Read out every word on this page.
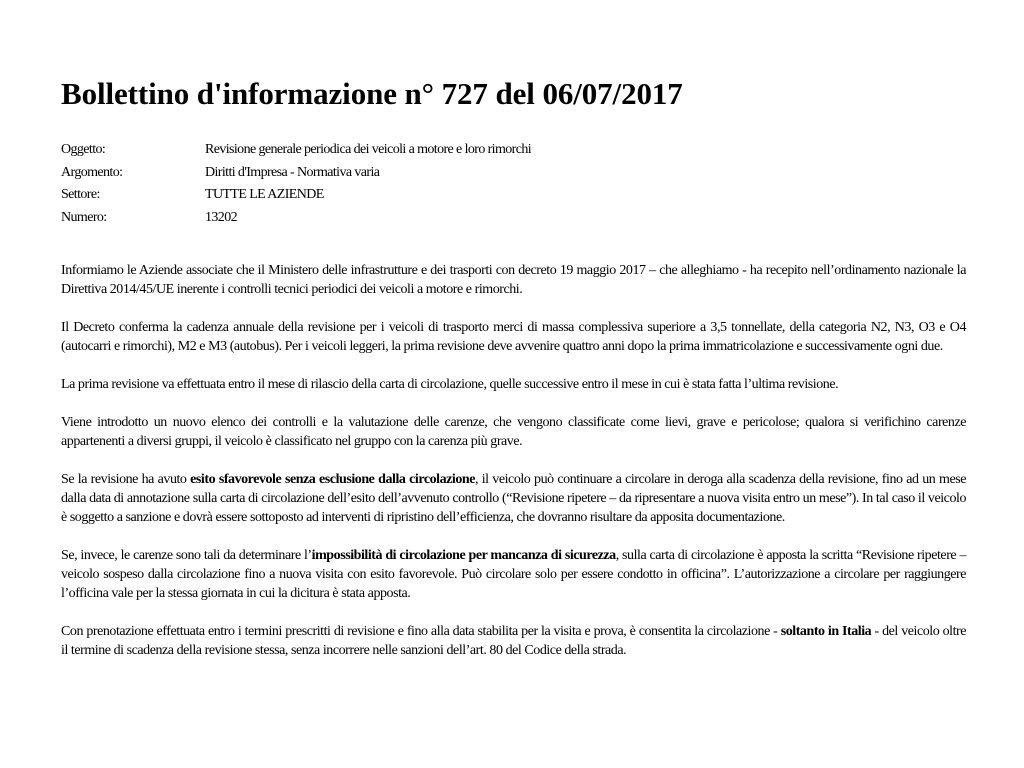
Bollettino d'informazione n° 727 del 06/07/2017
Oggetto:	Revisione generale periodica dei veicoli a motore e loro rimorchi
Argomento:	Diritti d'Impresa - Normativa varia
Settore:	TUTTE LE AZIENDE
Numero:	13202

Informiamo le Aziende associate che il Ministero delle infrastrutture e dei trasporti con decreto 19 maggio 2017 – che alleghiamo - ha recepito nell’ordinamento nazionale la Direttiva 2014/45/UE inerente i controlli tecnici periodici dei veicoli a motore e rimorchi.

Il Decreto conferma la cadenza annuale della revisione per i veicoli di trasporto merci di massa complessiva superiore a 3,5 tonnellate, della categoria N2, N3, O3 e O4 (autocarri e rimorchi), M2 e M3 (autobus). Per i veicoli leggeri, la prima revisione deve avvenire quattro anni dopo la prima immatricolazione e successivamente ogni due.

La prima revisione va effettuata entro il mese di rilascio della carta di circolazione, quelle successive entro il mese in cui è stata fatta l’ultima revisione.

Viene introdotto un nuovo elenco dei controlli e la valutazione delle carenze, che vengono classificate come lievi, grave e pericolose; qualora si verifichino carenze appartenenti a diversi gruppi, il veicolo è classificato nel gruppo con la carenza più grave.

Se la revisione ha avuto esito sfavorevole senza esclusione dalla circolazione, il veicolo può continuare a circolare in deroga alla scadenza della revisione, fino ad un mese dalla data di annotazione sulla carta di circolazione dell’esito dell’avvenuto controllo (“Revisione ripetere – da ripresentare a nuova visita entro un mese”). In tal caso il veicolo è soggetto a sanzione e dovrà essere sottoposto ad interventi di ripristino dell’efficienza, che dovranno risultare da apposita documentazione.

Se, invece, le carenze sono tali da determinare l’impossibilità di circolazione per mancanza di sicurezza, sulla carta di circolazione è apposta la scritta “Revisione ripetere – veicolo sospeso dalla circolazione fino a nuova visita con esito favorevole. Può circolare solo per essere condotto in officina”. L’autorizzazione a circolare per raggiungere l’officina vale per la stessa giornata in cui la dicitura è stata apposta.

Con prenotazione effettuata entro i termini prescritti di revisione e fino alla data stabilita per la visita e prova, è consentita la circolazione - soltanto in Italia - del veicolo oltre il termine di scadenza della revisione stessa, senza incorrere nelle sanzioni dell’art. 80 del Codice della strada.
